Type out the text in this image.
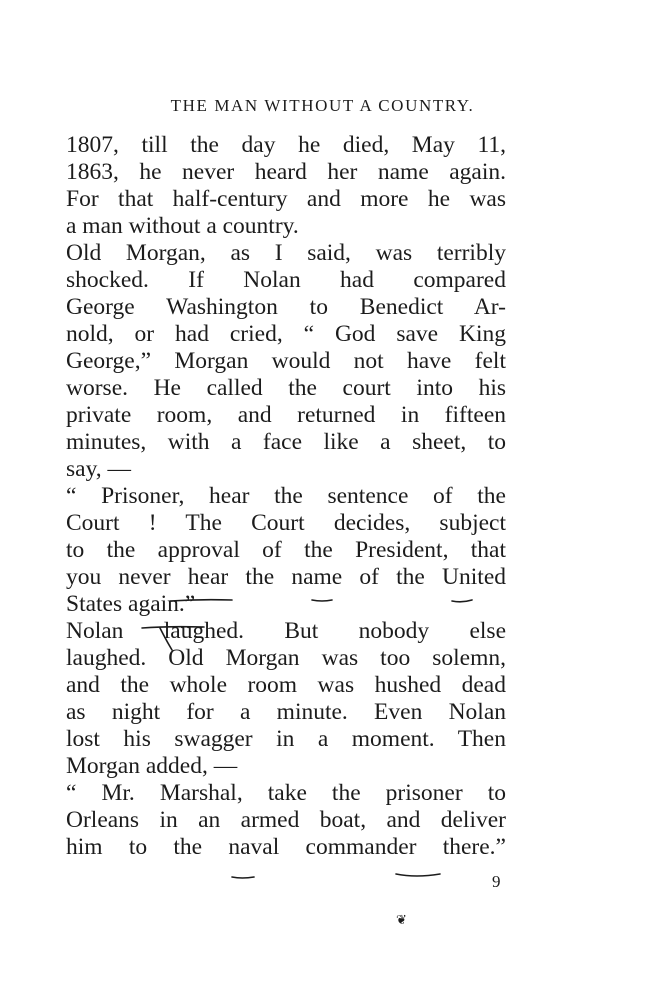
THE MAN WITHOUT A COUNTRY.
1807, till the day he died, May 11,
1863, he never heard her name again.
For that half-century and more he was
a man without a country.
Old Morgan, as I said, was terribly
shocked. If Nolan had compared
George Washington to Benedict Ar-
nold, or had cried, “ God save King
George,” Morgan would not have felt
worse. He called the court into his
private room, and returned in fifteen
minutes, with a face like a sheet, to
say, —
“ Prisoner, hear the sentence of the
Court ! The Court decides, subject
to the approval of the President, that
you never hear the name of the United
States again.”
Nolan laughed. But nobody else
laughed. Old Morgan was too solemn,
and the whole room was hushed dead
as night for a minute. Even Nolan
lost his swagger in a moment. Then
Morgan added, —
“ Mr. Marshal, take the prisoner to
Orleans in an armed boat, and deliver
him to the naval commander there.”
9
❦
